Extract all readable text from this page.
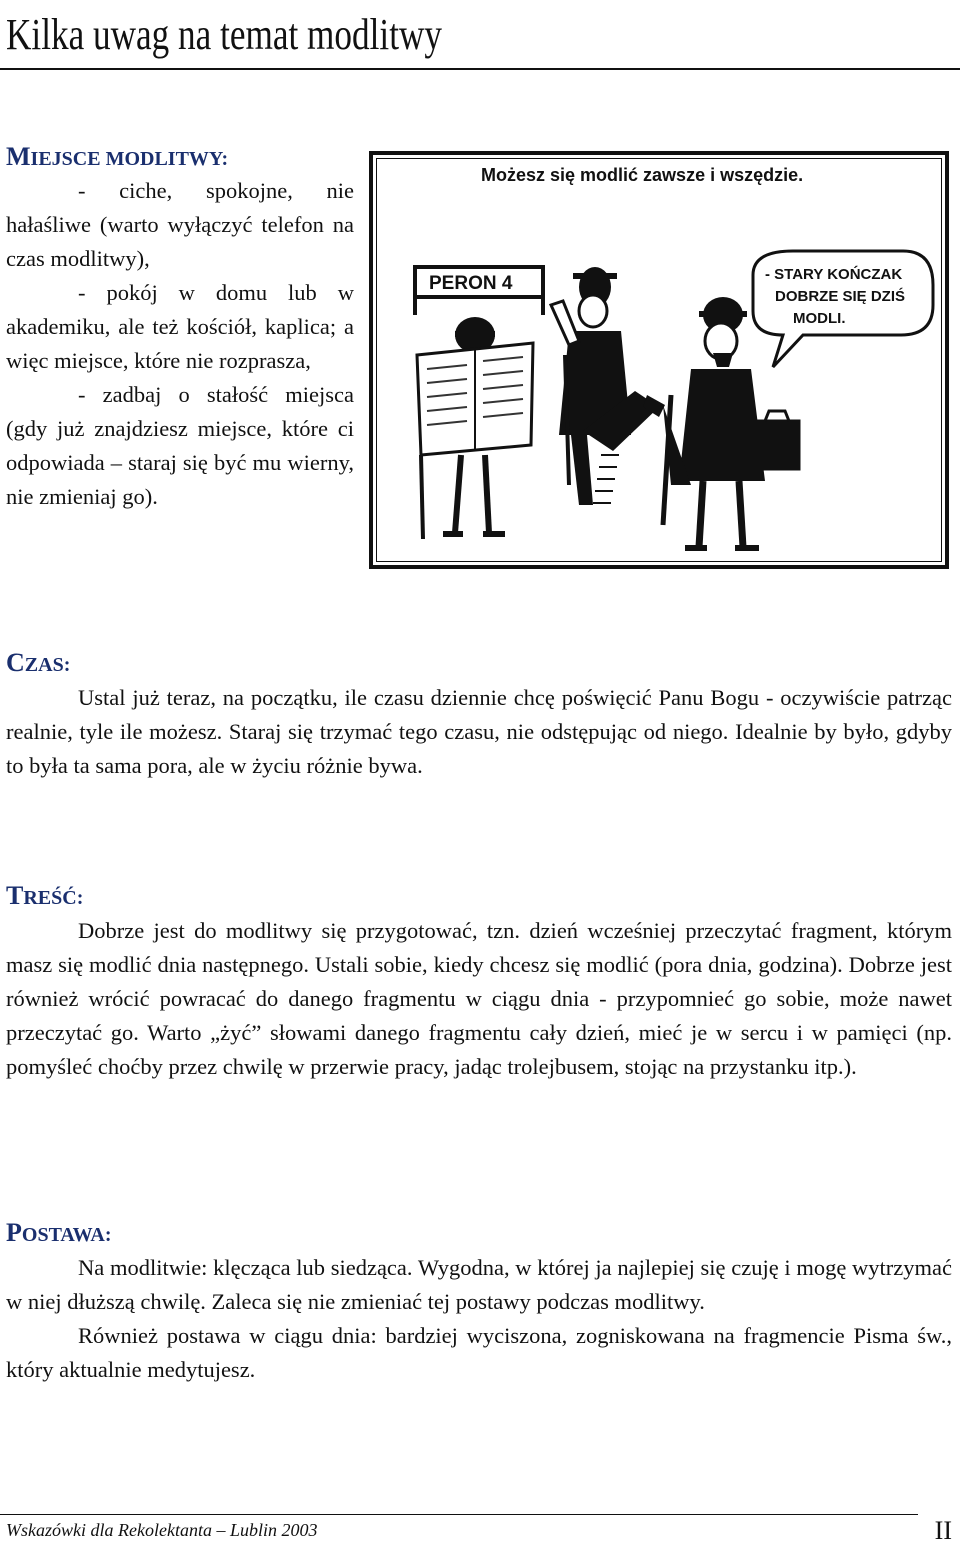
Kilka uwag na temat modlitwy
MIEJSCE MODLITWY:

- ciche, spokojne, nie hałaśliwe (warto wyłączyć telefon na czas modlitwy),

- pokój w domu lub w akademiku, ale też kościół, kaplica; a więc miejsce, które nie rozprasza,

- zadbaj o stałość miejsca (gdy już znajdziesz miejsce, które ci odpowiada – staraj się być mu wierny, nie zmieniaj go).

Możesz się modlić zawsze i wszędzie.
PERON 4	- STARY KOŃCZAK
DOBRZE SIĘ DZIŚ
MODLI.
CZAS:

Ustal już teraz, na początku, ile czasu dziennie chcę poświęcić Panu Bogu - oczywiście patrząc realnie, tyle ile możesz. Staraj się trzymać tego czasu, nie odstępując od niego. Idealnie by było, gdyby to była ta sama pora, ale w życiu różnie bywa.

TREŚĆ:

Dobrze jest do modlitwy się przygotować, tzn. dzień wcześniej przeczytać fragment, którym masz się modlić dnia następnego. Ustali sobie, kiedy chcesz się modlić (pora dnia, godzina). Dobrze jest również wrócić powracać do danego fragmentu w ciągu dnia - przypomnieć go sobie, może nawet przeczytać go. Warto „żyć” słowami danego fragmentu cały dzień, mieć je w sercu i w pamięci (np. pomyśleć choćby przez chwilę w przerwie pracy, jadąc trolejbusem, stojąc na przystanku itp.).

POSTAWA:

Na modlitwie: klęcząca lub siedząca. Wygodna, w której ja najlepiej się czuję i mogę wytrzymać w niej dłuższą chwilę. Zaleca się nie zmieniać tej postawy podczas modlitwy.

Również postawa w ciągu dnia: bardziej wyciszona, zogniskowana na fragmencie Pisma św., który aktualnie medytujesz.

Wskazówki dla Rekolektanta – Lublin 2003	II
